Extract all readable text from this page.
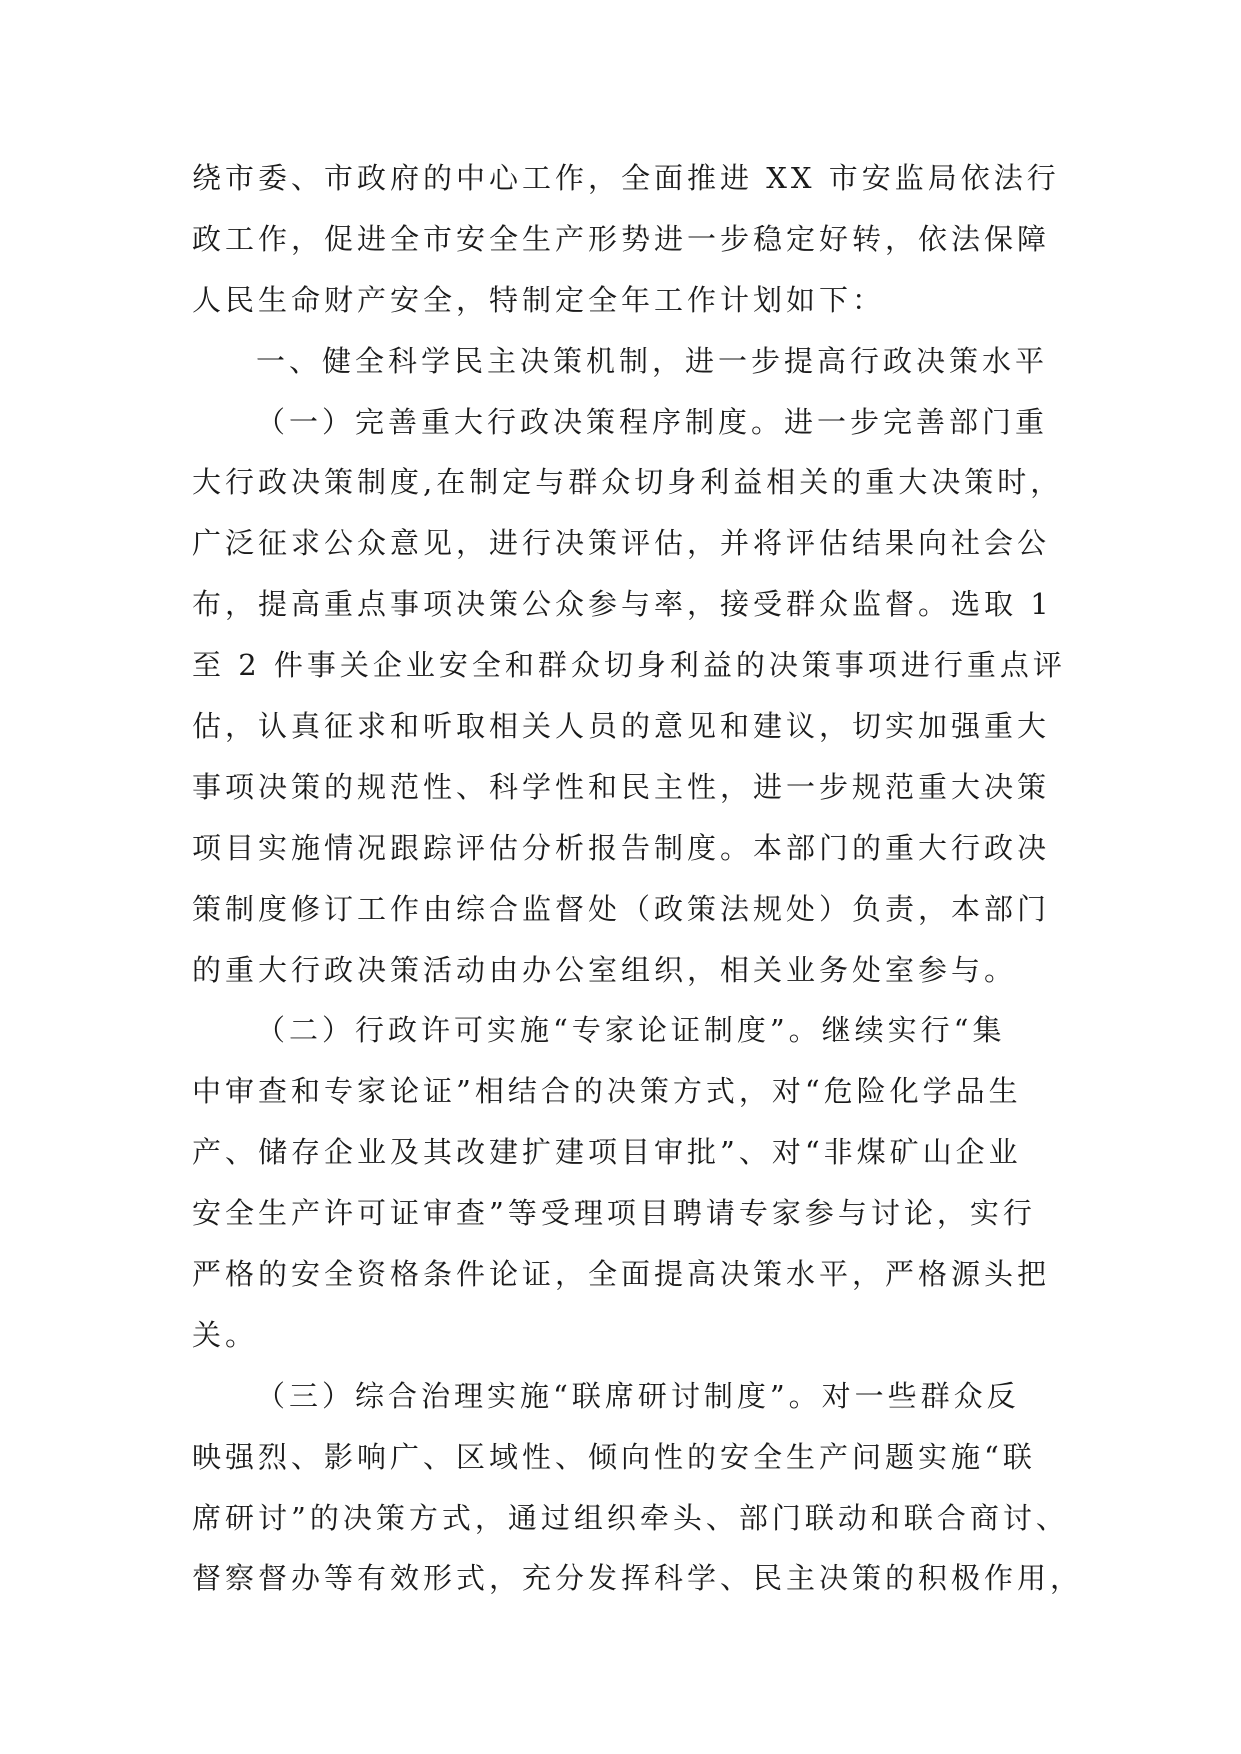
绕市委、市政府的中心工作，全面推进 XX 市安监局依法行
政工作，促进全市安全生产形势进一步稳定好转，依法保障
人民生命财产安全，特制定全年工作计划如下：
一、健全科学民主决策机制，进一步提高行政决策水平
（一）完善重大行政决策程序制度。进一步完善部门重
大行政决策制度,在制定与群众切身利益相关的重大决策时，
广泛征求公众意见，进行决策评估，并将评估结果向社会公
布，提高重点事项决策公众参与率，接受群众监督。选取 1
至 2 件事关企业安全和群众切身利益的决策事项进行重点评
估，认真征求和听取相关人员的意见和建议，切实加强重大
事项决策的规范性、科学性和民主性，进一步规范重大决策
项目实施情况跟踪评估分析报告制度。本部门的重大行政决
策制度修订工作由综合监督处（政策法规处）负责，本部门
的重大行政决策活动由办公室组织，相关业务处室参与。
（二）行政许可实施“专家论证制度”。继续实行“集
中审查和专家论证”相结合的决策方式，对“危险化学品生
产、储存企业及其改建扩建项目审批”、对“非煤矿山企业
安全生产许可证审查”等受理项目聘请专家参与讨论，实行
严格的安全资格条件论证，全面提高决策水平，严格源头把
关。
（三）综合治理实施“联席研讨制度”。对一些群众反
映强烈、影响广、区域性、倾向性的安全生产问题实施“联
席研讨”的决策方式，通过组织牵头、部门联动和联合商讨、
督察督办等有效形式，充分发挥科学、民主决策的积极作用，
